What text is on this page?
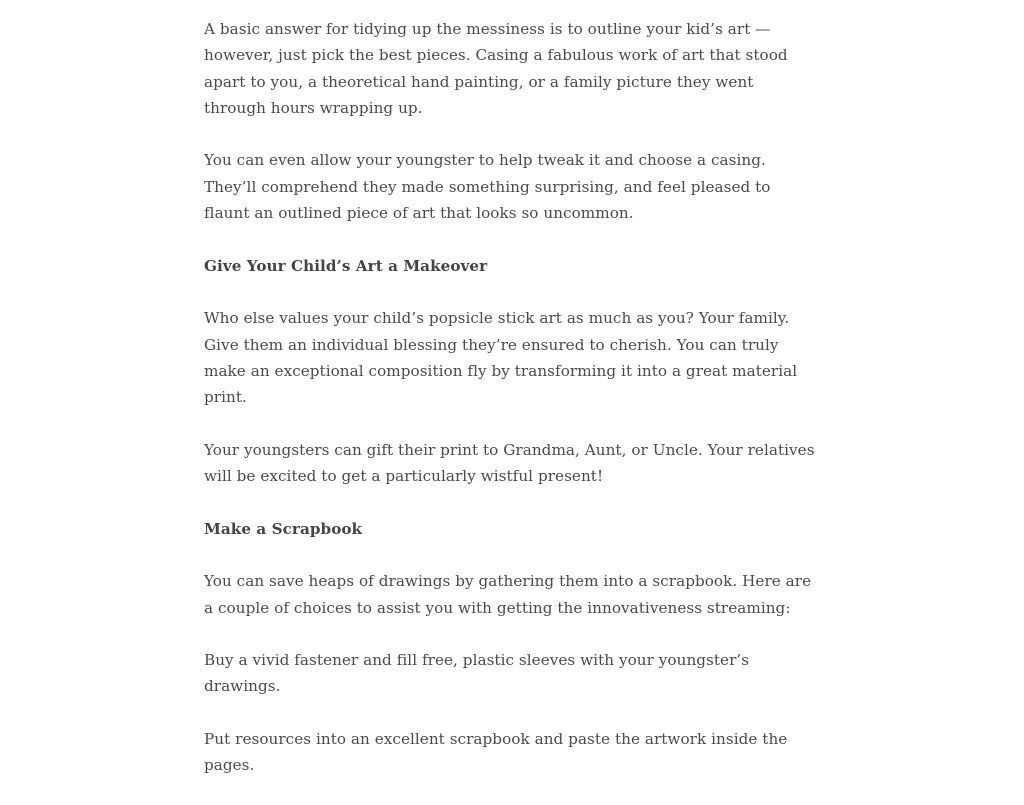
A basic answer for tidying up the messiness is to outline your kid’s art — however, just pick the best pieces. Casing a fabulous work of art that stood apart to you, a theoretical hand painting, or a family picture they went through hours wrapping up.

You can even allow your youngster to help tweak it and choose a casing. They’ll comprehend they made something surprising, and feel pleased to flaunt an outlined piece of art that looks so uncommon.

Give Your Child’s Art a Makeover

Who else values your child’s popsicle stick art as much as you? Your family. Give them an individual blessing they’re ensured to cherish. You can truly make an exceptional composition fly by transforming it into a great material print.

Your youngsters can gift their print to Grandma, Aunt, or Uncle. Your relatives will be excited to get a particularly wistful present!

Make a Scrapbook

You can save heaps of drawings by gathering them into a scrapbook. Here are a couple of choices to assist you with getting the innovativeness streaming:

Buy a vivid fastener and fill free, plastic sleeves with your youngster’s drawings.

Put resources into an excellent scrapbook and paste the artwork inside the pages.
